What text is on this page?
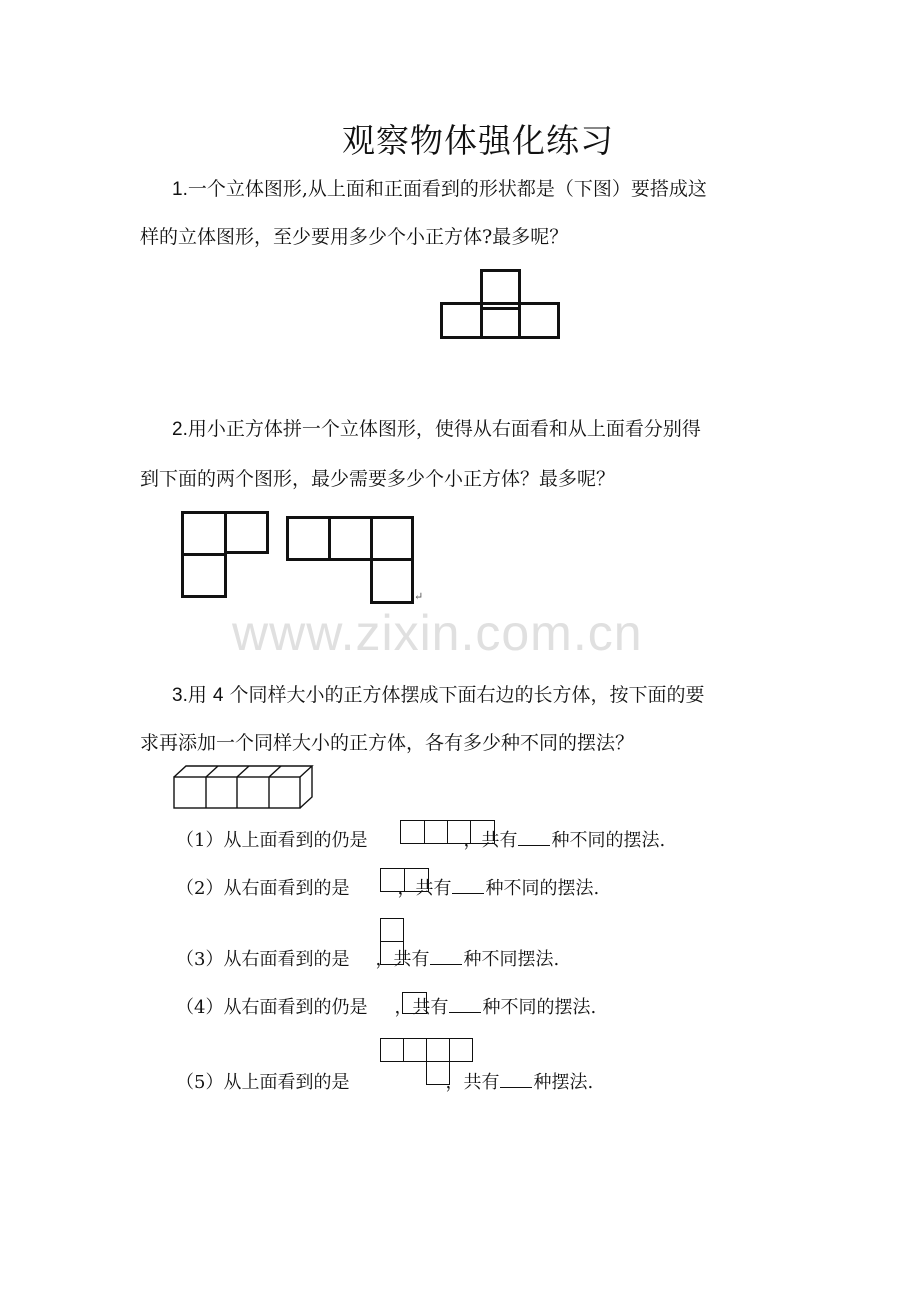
观察物体强化练习
1.一个立体图形,从上面和正面看到的形状都是（下图）要搭成这
样的立体图形，至少要用多少个小正方体?最多呢？
2.用小正方体拼一个立体图形，使得从右面看和从上面看分别得
到下面的两个图形，最少需要多少个小正方体？最多呢？
↵
www.zixin.com.cn
3.用 4 个同样大小的正方体摆成下面右边的长方体，按下面的要
求再添加一个同样大小的正方体，各有多少种不同的摆法？
（1）从上面看到的仍是	，共有 种不同的摆法.
（2）从右面看到的是	，共有 种不同的摆法.
（3）从右面看到的是 ，共有 种不同摆法.
（4）从右面看到的仍是 ，共有 种不同的摆法.
（5）从上面看到的是	，共有 种摆法.
